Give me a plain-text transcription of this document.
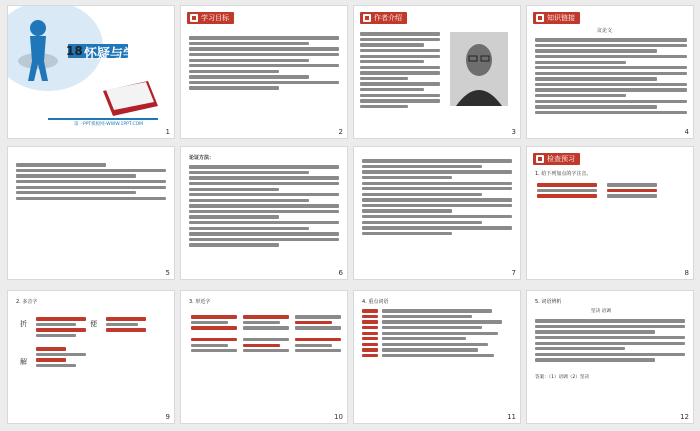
18 怀疑与学问
第一PPT模板网-WWW.1PPT.COM
1
学习目标
2
作者介绍
3
知识链接
议论文
4
5
论证方法：
6	7
检查预习
1. 给下列加点的字注音。
8
2. 多音字
折	便
解
9
3. 形近字
10
4. 重点词语
11
5. 词语辨析
坚决 语调
答案：（1）语调（2）坚决
12
